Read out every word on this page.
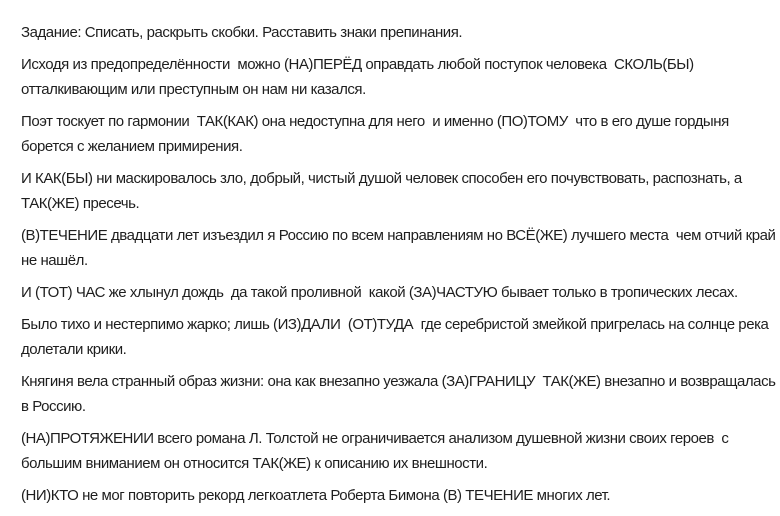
Задание: Списать, раскрыть скобки. Расставить знаки препинания.

Исходя из предопределённости  можно (НА)ПЕРЁД оправдать любой поступок человека  СКОЛЬ(БЫ)
отталкивающим или преступным он нам ни казался.

Поэт тоскует по гармонии  ТАК(КАК) она недоступна для него  и именно (ПО)ТОМУ  что в его душе гордыня
борется с желанием примирения.

И КАК(БЫ) ни маскировалось зло, добрый, чистый душой человек способен его почувствовать, распознать, а
ТАК(ЖЕ) пресечь.

(В)ТЕЧЕНИЕ двадцати лет изъездил я Россию по всем направлениям но ВСЁ(ЖЕ) лучшего места  чем отчий край
не нашёл.

И (ТОТ) ЧАС же хлынул дождь  да такой проливной  какой (ЗА)ЧАСТУЮ бывает только в тропических лесах.

Было тихо и нестерпимо жарко; лишь (ИЗ)ДАЛИ  (ОТ)ТУДА  где серебристой змейкой пригрелась на солнце река
долетали крики.

Княгиня вела странный образ жизни: она как внезапно уезжала (ЗА)ГРАНИЦУ  ТАК(ЖЕ) внезапно и возвращалась
в Россию.

(НА)ПРОТЯЖЕНИИ всего романа Л. Толстой не ограничивается анализом душевной жизни своих героев  с
большим вниманием он относится ТАК(ЖЕ) к описанию их внешности.

(НИ)КТО не мог повторить рекорд легкоатлета Роберта Бимона (В) ТЕЧЕНИЕ многих лет.
